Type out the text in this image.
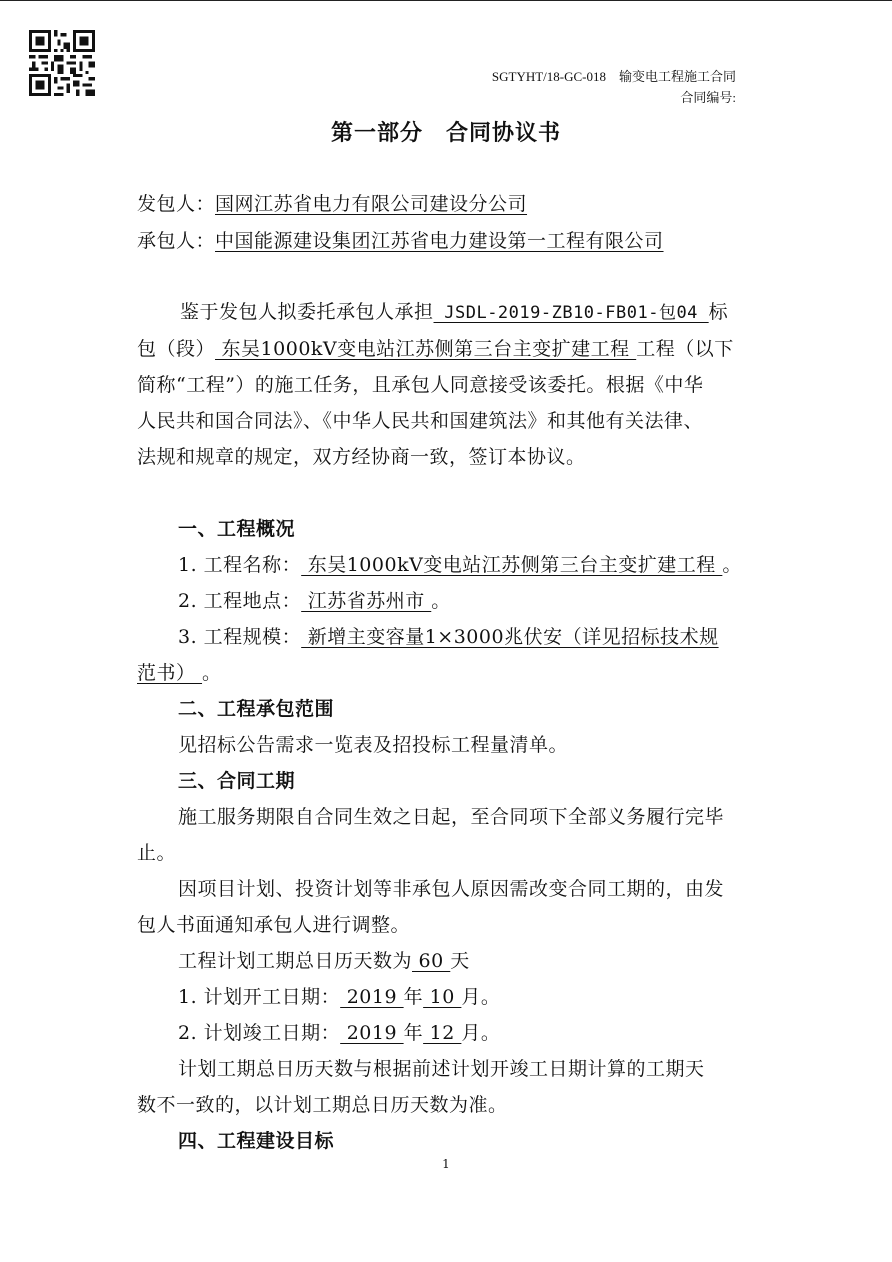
SGTYHT/18-GC-018　输变电工程施工合同
合同编号:
第一部分　合同协议书
发包人：国网江苏省电力有限公司建设分公司
承包人：中国能源建设集团江苏省电力建设第一工程有限公司
鉴于发包人拟委托承包人承担 JSDL-2019-ZB10-FB01-包04 标
包（段） 东吴1000kV变电站江苏侧第三台主变扩建工程 工程（以下
简称“工程”）的施工任务，且承包人同意接受该委托。根据《中华
人民共和国合同法》、《中华人民共和国建筑法》和其他有关法律、
法规和规章的规定，双方经协商一致，签订本协议。
一、工程概况
1. 工程名称： 东吴1000kV变电站江苏侧第三台主变扩建工程 。
2. 工程地点： 江苏省苏州市 。
3. 工程规模： 新增主变容量1×3000兆伏安（详见招标技术规
范书） 。
二、工程承包范围
见招标公告需求一览表及招投标工程量清单。
三、合同工期
施工服务期限自合同生效之日起，至合同项下全部义务履行完毕
止。
因项目计划、投资计划等非承包人原因需改变合同工期的，由发
包人书面通知承包人进行调整。
工程计划工期总日历天数为 60 天
1. 计划开工日期： 2019 年 10 月。
2. 计划竣工日期： 2019 年 12 月。
计划工期总日历天数与根据前述计划开竣工日期计算的工期天
数不一致的，以计划工期总日历天数为准。
四、工程建设目标
1
